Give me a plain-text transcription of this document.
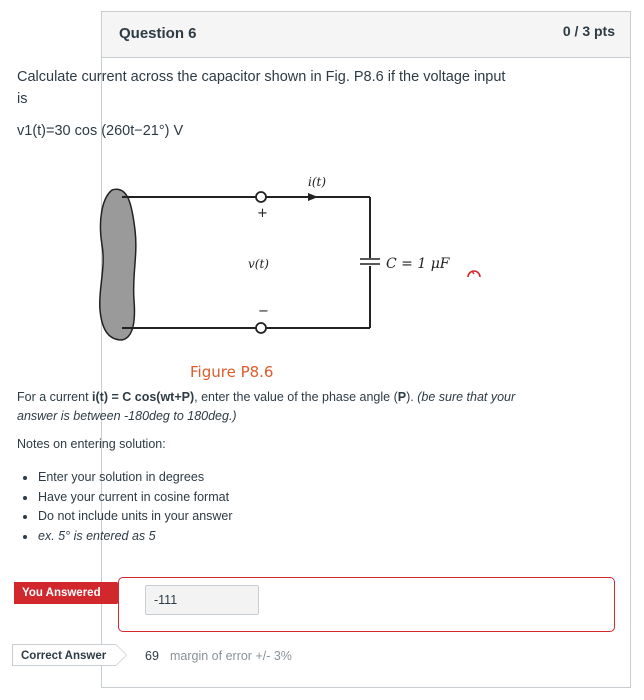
Question 6	0 / 3 pts
Calculate current across the capacitor shown in Fig. P8.6 if the voltage input is
v1(t)=30 cos (260t−21°) V
i(t)
+
v(t)
−
C = 1 μF
Figure P8.6
For a current i(t) = C cos(wt+P), enter the value of the phase angle (P). (be sure that your answer is between -180deg to 180deg.)
Notes on entering solution:
Enter your solution in degrees
Have your current in cosine format
Do not include units in your answer
ex. 5° is entered as 5
You Answered	-111
Correct Answer	69 margin of error +/- 3%
